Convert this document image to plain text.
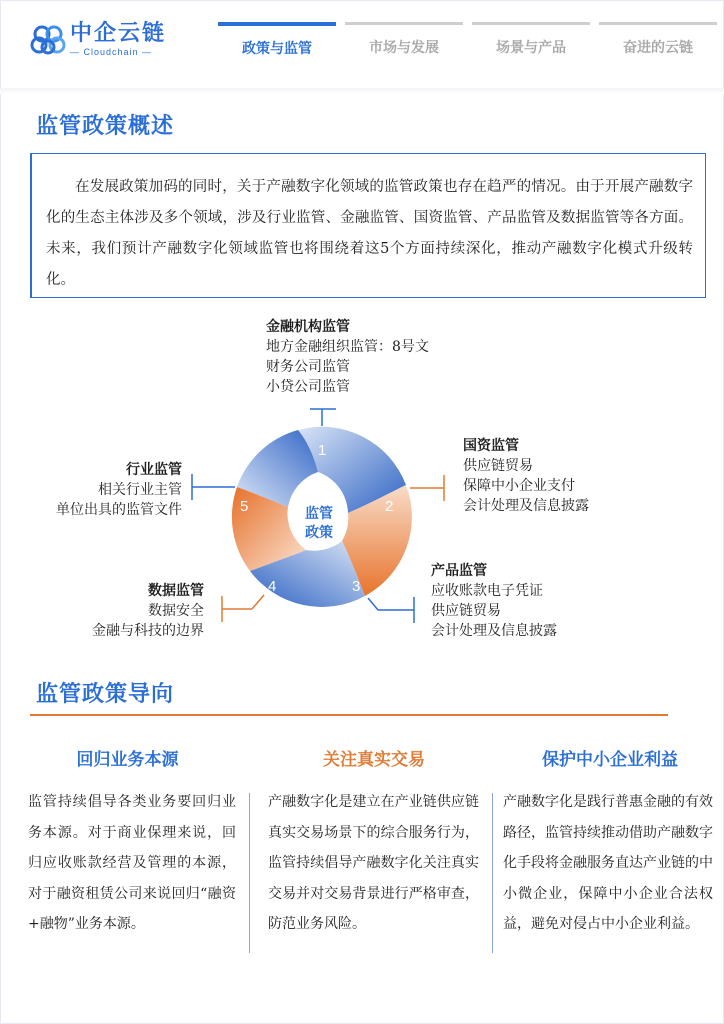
中企云链
— Cloudchain —	政策与监管	市场与发展	场景与产品	奋进的云链
监管政策概述

在发展政策加码的同时，关于产融数字化领域的监管政策也存在趋严的情况。由于开展产融数字化的生态主体涉及多个领域，涉及行业监管、金融监管、国资监管、产品监管及数据监管等各方面。未来，我们预计产融数字化领域监管也将围绕着这5个方面持续深化，推动产融数字化模式升级转化。

1
2
3
4
5	监管
政策
金融机构监管
地方金融组织监管：8号文
财务公司监管
小贷公司监管
国资监管
供应链贸易
保障中小企业支付
会计处理及信息披露
产品监管
应收账款电子凭证
供应链贸易
会计处理及信息披露
数据监管
数据安全
金融与科技的边界
行业监管
相关行业主管
单位出具的监管文件
监管政策导向
回归业务本源	关注真实交易	保护中小企业利益
监管持续倡导各类业务要回归业务本源。对于商业保理来说，回归应收账款经营及管理的本源，对于融资租赁公司来说回归“融资+融物”业务本源。
产融数字化是建立在产业链供应链真实交易场景下的综合服务行为，监管持续倡导产融数字化关注真实交易并对交易背景进行严格审查，防范业务风险。
产融数字化是践行普惠金融的有效路径，监管持续推动借助产融数字化手段将金融服务直达产业链的中小微企业，保障中小企业合法权益，避免对侵占中小企业利益。
